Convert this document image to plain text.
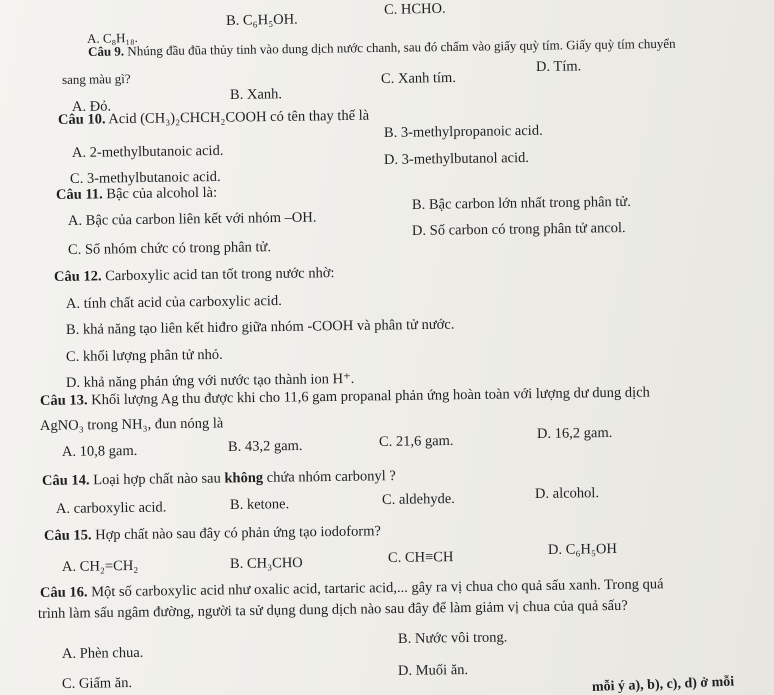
A. C₈H₁₈.
B. C₆H₅OH.
C. HCHO.
Câu 9. Nhúng đầu đũa thủy tinh vào dung dịch nước chanh, sau đó chấm vào giấy quỳ tím. Giấy quỳ tím chuyển
sang màu gì?
A. Đỏ.
B. Xanh.
C. Xanh tím.
D. Tím.
Câu 10. Acid (CH₃)₂CHCH₂COOH có tên thay thế là
A. 2-methylbutanoic acid.
B. 3-methylpropanoic acid.
C. 3-methylbutanoic acid.
D. 3-methylbutanol acid.
Câu 11. Bậc của alcohol là:
A. Bậc của carbon liên kết với nhóm –OH.
B. Bậc carbon lớn nhất trong phân tử.
C. Số nhóm chức có trong phân tử.
D. Số carbon có trong phân tử ancol.
Câu 12. Carboxylic acid tan tốt trong nước nhờ:
A. tính chất acid của carboxylic acid.
B. khả năng tạo liên kết hiđro giữa nhóm -COOH và phân tử nước.
C. khối lượng phân tử nhỏ.
D. khả năng phản ứng với nước tạo thành ion H⁺.
Câu 13. Khối lượng Ag thu được khi cho 11,6 gam propanal phản ứng hoàn toàn với lượng dư dung dịch
AgNO₃ trong NH₃, đun nóng là
A. 10,8 gam.	B. 43,2 gam.	C. 21,6 gam.	D. 16,2 gam.
Câu 14. Loại hợp chất nào sau không chứa nhóm carbonyl ?
A. carboxylic acid.	B. ketone.	C. aldehyde.	D. alcohol.
Câu 15. Hợp chất nào sau đây có phản ứng tạo iodoform?
A. CH₂=CH₂	B. CH₃CHO	C. CH≡CH	D. C₆H₅OH
Câu 16. Một số carboxylic acid như oxalic acid, tartaric acid,... gây ra vị chua cho quả sấu xanh. Trong quá
trình làm sấu ngâm đường, người ta sử dụng dung dịch nào sau đây để làm giảm vị chua của quả sấu?
A. Phèn chua.
B. Nước vôi trong.
C. Giấm ăn.
D. Muối ăn.
mỗi ý a), b), c), d) ở mỗi
